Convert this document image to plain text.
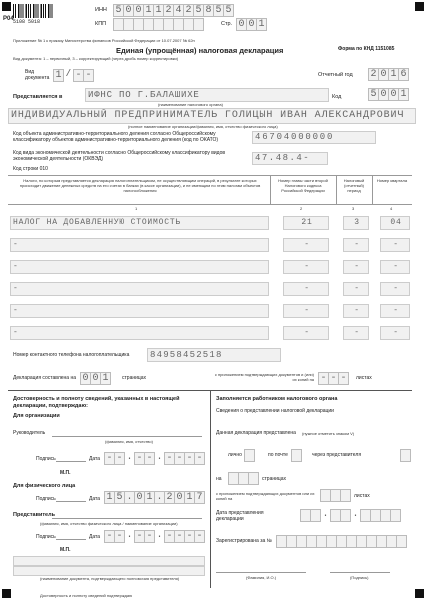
5108 5018
Р04
ИНН 5 0 0 1 1 2 4 2 5 8 5 5
КПП	Стр. 0 0 1
Приложение № 1 к приказу Министерства финансов Российской Федерации от 10.07.2007 № 62н
Единая (упрощённая) налоговая декларация	Форма по КНД 1151085
Вид документа: 1 – первичный, 3 – корректирующий (через дробь номер корректировки)
Вид документа 1 / - -	Отчетный год 2 0 1 6
Представляется в	ИФНС ПО Г.БАЛАШИХЕ
(наименование налогового органа)
Код	5 0 0 1
ИНДИВИДУАЛЬНЫЙ ПРЕДПРИНИМАТЕЛЬ ГОЛИЦЫН ИВАН АЛЕКСАНДРОВИЧ
(полное наименование организации/фамилия, имя, отчество физического лица)
Код объекта административно-территориального деления согласно Общероссийскому классификатору объектов административно-территориального деления (код по ОКАТО)	46704000000
Код вида экономической деятельности согласно Общероссийскому классификатору видов экономической деятельности (ОКВЭД)	47.48.4-
Код строки 010
Налоги, по которым представляется декларация налогоплательщиком, не осуществляющим операций, в результате которых происходит движение денежных средств на его счетах в банках (в кассе организации), и не имеющим по этим налогам объектов налогообложения
Номер главы части второй Налогового кодекса Российской Федерации
Налоговый (отчетный) период
Номер квартала
1	2	3	4
НАЛОГ НА ДОБАВЛЕННУЮ СТОИМОСТЬ	21	3	04
-	-	-	-
-	-	-	-
-	-	-	-
-	-	-	-
-	-	-	-
Номер контактного телефона налогоплательщика	84958452518
Декларация составлена на 0 0 1	страницах
с приложением подтверждающих документов и (или) их копий на - - -	листах
Достоверность и полноту сведений, указанных в настоящей декларации, подтверждаю:
Для организации
Руководитель
(фамилия, имя, отчество)
Подпись	Дата - - . - - . - - - -
М.П.
Для физического лица
Подпись	Дата 1 5 . 0 1 . 2 0 1 7
Представитель
(фамилия, имя, отчество физического лица / наименование организации)
Подпись	Дата - - . - - . - - - -
М.П.
(наименование документа, подтверждающего полномочия представителя)
Заполняется работником налогового органа
Сведения о представлении налоговой декларации
Данная декларация представлена (нужное отметить знаком V)
лично	по почте	через представителя
на	страницах
с приложением подтверждающих документов или их копий на	листах
Дата представления декларации	. .
Зарегистрирована за №
(Фамилия, И.О.)	(Подпись)
Достоверность и полноту сведений подтверждаю
